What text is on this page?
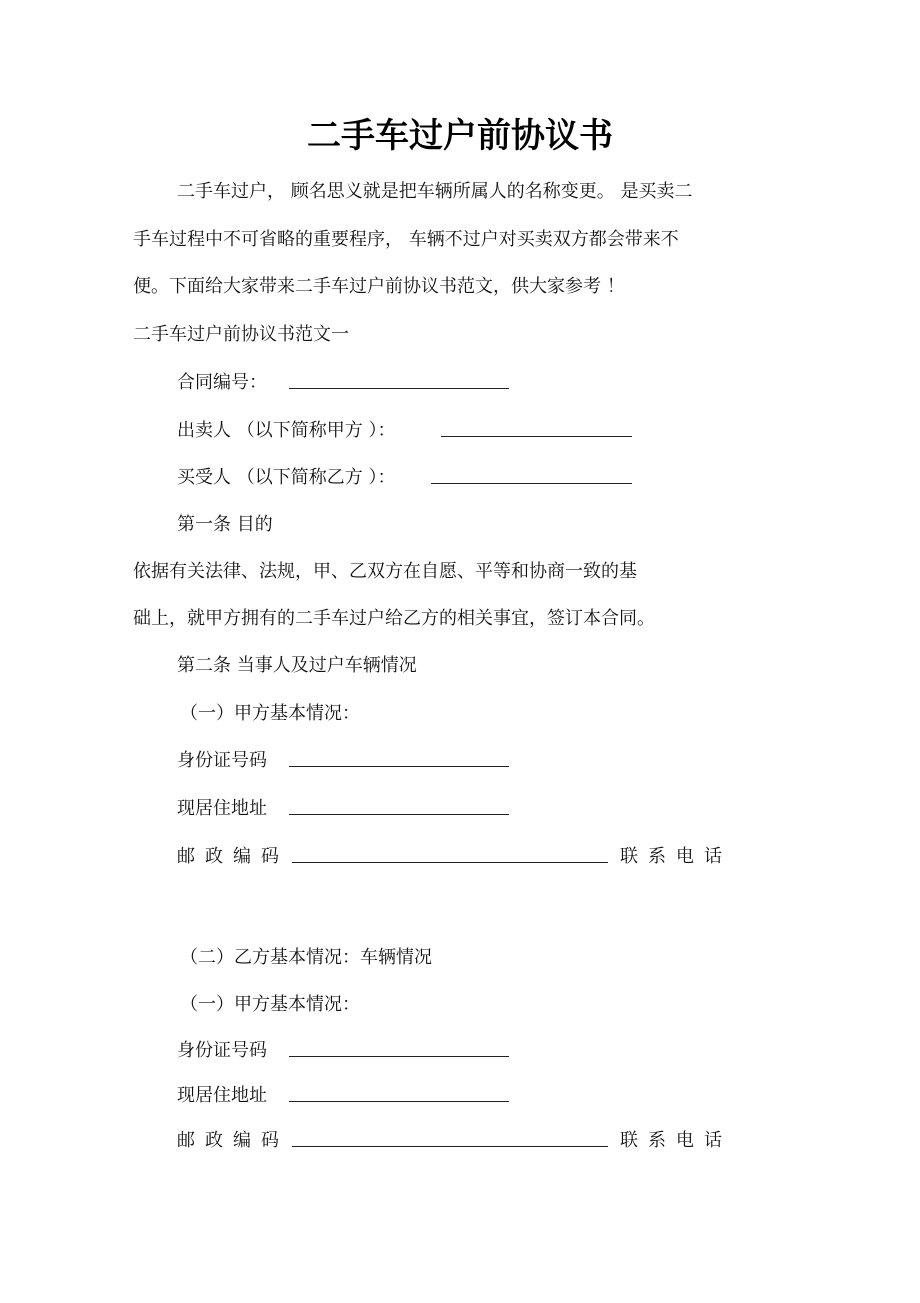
二手车过户前协议书
二手车过户， 顾名思义就是把车辆所属人的名称变更。 是买卖二
手车过程中不可省略的重要程序， 车辆不过户对买卖双方都会带来不
便。下面给大家带来二手车过户前协议书范文，供大家参考 ！
二手车过户前协议书范文一
合同编号：
出卖人 （以下简称甲方 ）：
买受人 （以下简称乙方 ）：
第一条 目的
依据有关法律、法规，甲、乙双方在自愿、平等和协商一致的基
础上，就甲方拥有的二手车过户给乙方的相关事宜，签订本合同。
第二条 当事人及过户车辆情况
（一）甲方基本情况：
身份证号码
现居住地址
邮政编码	联系电话
（二）乙方基本情况：车辆情况
（一）甲方基本情况：
身份证号码
现居住地址
邮政编码	联系电话
